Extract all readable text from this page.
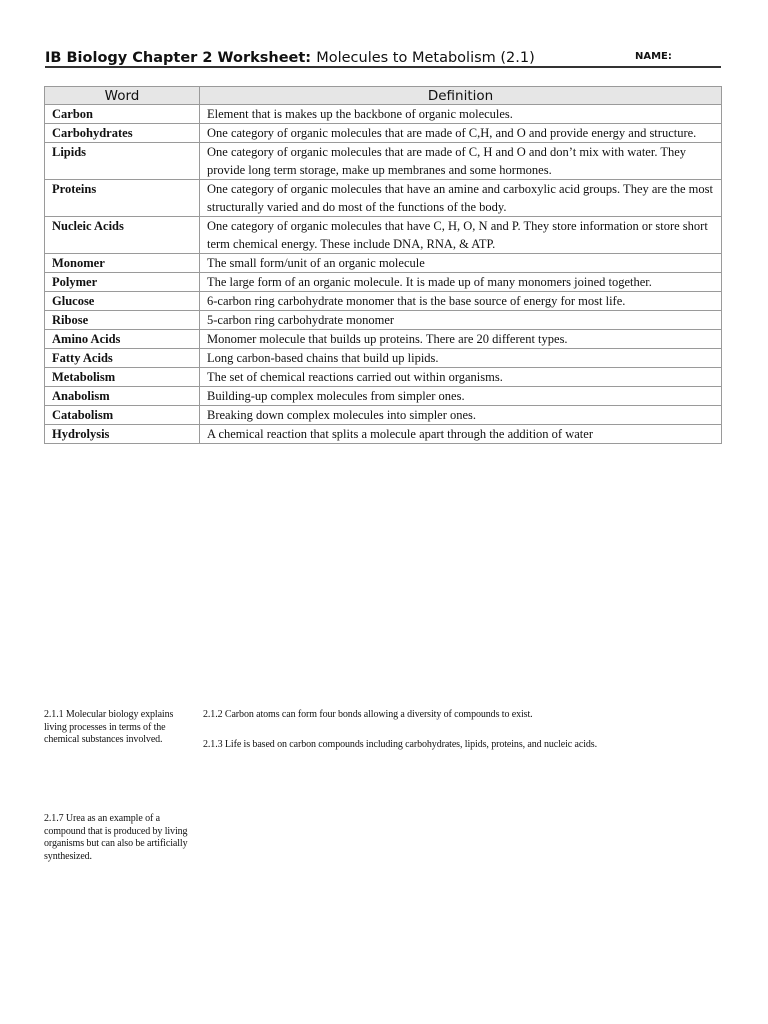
IB Biology Chapter 2 Worksheet: Molecules to Metabolism (2.1)	NAME:
Word	Definition
Carbon	Element that is makes up the backbone of organic molecules.
Carbohydrates	One category of organic molecules that are made of C,H, and O and provide energy and structure.
Lipids	One category of organic molecules that are made of C, H and O and don’t mix with water. They provide long term storage, make up membranes and some hormones.
Proteins	One category of organic molecules that have an amine and carboxylic acid groups. They are the most structurally varied and do most of the functions of the body.
Nucleic Acids	One category of organic molecules that have C, H, O, N and P. They store information or store short term chemical energy. These include DNA, RNA, & ATP.
Monomer	The small form/unit of an organic molecule
Polymer	The large form of an organic molecule. It is made up of many monomers joined together.
Glucose	6-carbon ring carbohydrate monomer that is the base source of energy for most life.
Ribose	5-carbon ring carbohydrate monomer
Amino Acids	Monomer molecule that builds up proteins. There are 20 different types.
Fatty Acids	Long carbon-based chains that build up lipids.
Metabolism	The set of chemical reactions carried out within organisms.
Anabolism	Building-up complex molecules from simpler ones.
Catabolism	Breaking down complex molecules into simpler ones.
Hydrolysis	A chemical reaction that splits a molecule apart through the addition of water
2.1.1 Molecular biology explains living processes in terms of the chemical substances involved.
2.1.2 Carbon atoms can form four bonds allowing a diversity of compounds to exist.
2.1.3 Life is based on carbon compounds including carbohydrates, lipids, proteins, and nucleic acids.
2.1.7 Urea as an example of a compound that is produced by living organisms but can also be artificially synthesized.
